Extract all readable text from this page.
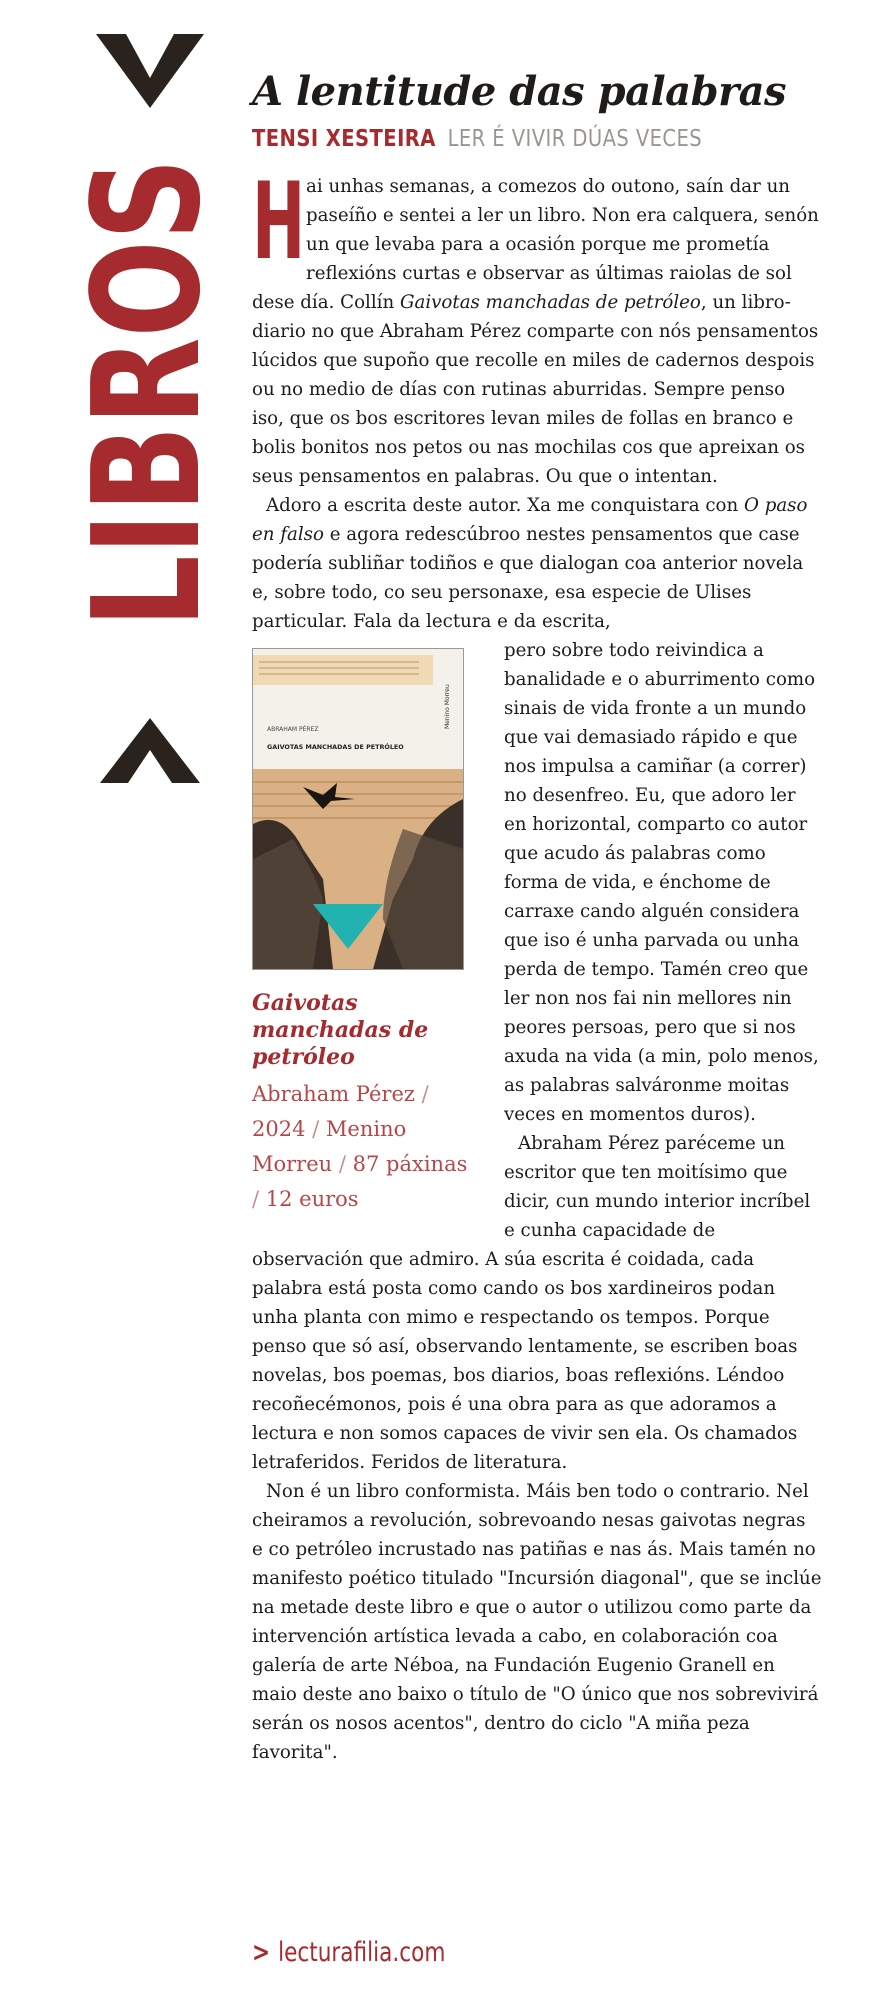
LIBROS A lentitude das palabras
TENSI XESTEIRA LER É VIVIR DÚAS VECES

Hai unhas semanas, a comezos do outono, saín dar un paseíño e sentei a ler un libro. Non era calquera, senón un que levaba para a ocasión porque me prometía reflexións curtas e observar as últimas raiolas de sol dese día. Collín Gaivotas manchadas de petróleo, un libro-diario no que Abraham Pérez comparte con nós pensamentos lúcidos que supoño que recolle en miles de cadernos despois ou no medio de días con rutinas aburridas. Sempre penso iso, que os bos escritores levan miles de follas en branco e bolis bonitos nos petos ou nas mochilas cos que apreixan os seus pensamentos en palabras. Ou que o intentan.

Adoro a escrita deste autor. Xa me conquistara con O paso en falso e agora redescúbroo nestes pensamentos que case podería subliñar todiños e que dialogan coa anterior novela e, sobre todo, co seu personaxe, esa especie de Ulises particular. Fala da lectura e da escrita,

ABRAHAM PÉREZ
GAIVOTAS MANCHADAS DE PETRÓLEO
Menino Morreu
Gaivotas manchadas de petróleo
Abraham Pérez / 2024 / Menino Morreu / 87 páxinas / 12 euros

pero sobre todo reivindica a banalidade e o aburrimento como sinais de vida fronte a un mundo que vai demasiado rápido e que nos impulsa a camiñar (a correr) no desenfreo. Eu, que adoro ler en horizontal, comparto co autor que acudo ás palabras como forma de vida, e énchome de carraxe cando alguén considera que iso é unha parvada ou unha perda de tempo. Tamén creo que ler non nos fai nin mellores nin peores persoas, pero que si nos axuda na vida (a min, polo menos, as palabras salváronme moitas veces en momentos duros).

Abraham Pérez paréceme un escritor que ten moitísimo que dicir, cun mundo interior incríbel e cunha capacidade de observación que admiro. A súa escrita é coidada, cada palabra está posta como cando os bos xardineiros podan unha planta con mimo e respectando os tempos. Porque penso que só así, observando lentamente, se escriben boas novelas, bos poemas, bos diarios, boas reflexións. Léndoo recoñecémonos, pois é una obra para as que adoramos a lectura e non somos capaces de vivir sen ela. Os chamados letraferidos. Feridos de literatura.

Non é un libro conformista. Máis ben todo o contrario. Nel cheiramos a revolución, sobrevoando nesas gaivotas negras e co petróleo incrustado nas patiñas e nas ás. Mais tamén no manifesto poético titulado "Incursión diagonal", que se inclúe na metade deste libro e que o autor o utilizou como parte da intervención artística levada a cabo, en colaboración coa galería de arte Néboa, na Fundación Eugenio Granell en maio deste ano baixo o título de "O único que nos sobrevivirá serán os nosos acentos", dentro do ciclo "A miña peza favorita".

> lecturafilia.com
